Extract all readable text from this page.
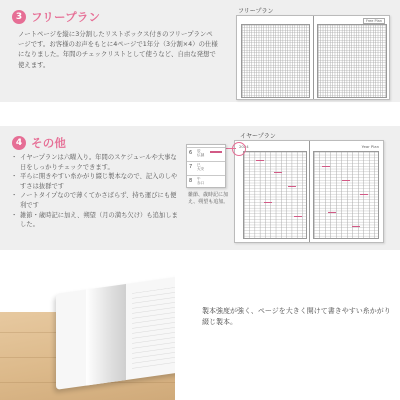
3 フリープラン

ノートページを縦に3分割したリストボックス付きのフリープランページです。お客様のお声をもとに4ページで1年分（3分割×4）の仕様になりました。年間のチェックリストとして使うなど、自由な発想で使えます。

フリープラン
Free Plan
4 その他
・ イヤープランは六曜入り。年間のスケジュールや大事な日をしっかりチェックできます。
・ 平らに開きやすい糸かがり綴じ製本なので、記入のしやすさは抜群です
・ ノートタイプなので薄くてかさばらず、持ち運びにも便利です
・ 雑節・歳時記に加え、朔望（月の満ち欠け）も追加しました。
イヤープラン
2024	Year Plan
6 辰
仏滅
7 巳
大安
8 午
赤口

雑節、歳時記に加え、朔望も追加。

製本強度が強く、ページを大きく開けて書きやすい糸かがり綴じ製本。
